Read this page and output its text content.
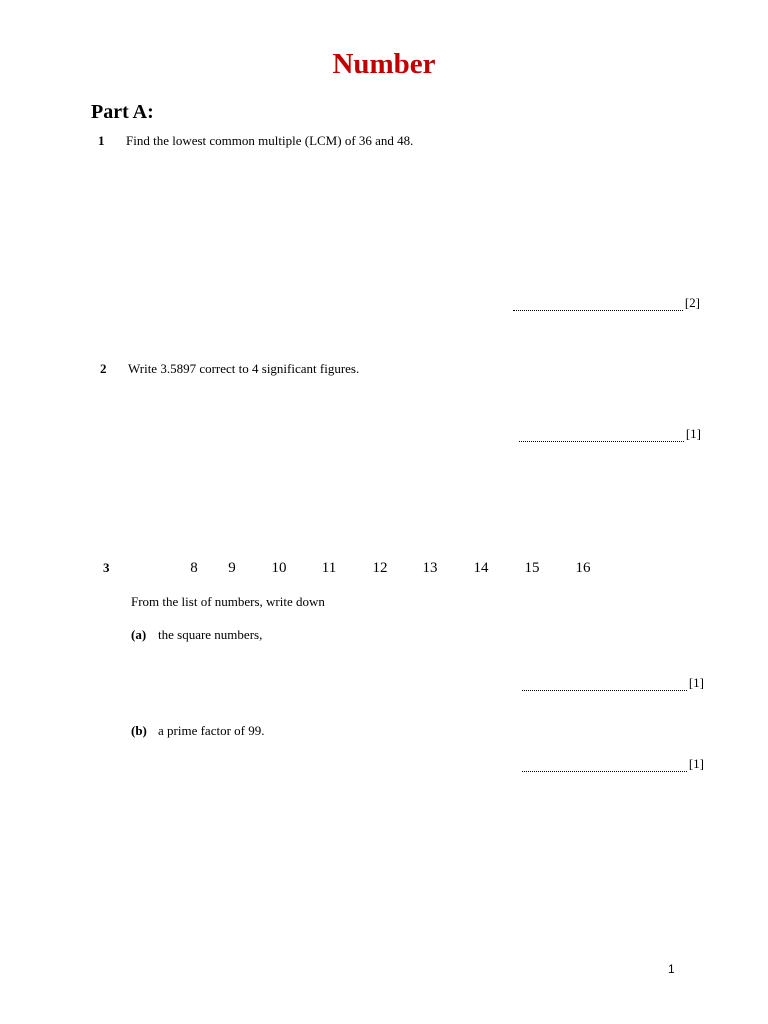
Number
Part A:
1 Find the lowest common multiple (LCM) of 36 and 48.
[2]
2 Write 3.5897 correct to 4 significant figures.
[1]
3	8	9	10	11	12	13	14	15	16
From the list of numbers, write down
(a) the square numbers,
[1]
(b) a prime factor of 99.
[1]
1
